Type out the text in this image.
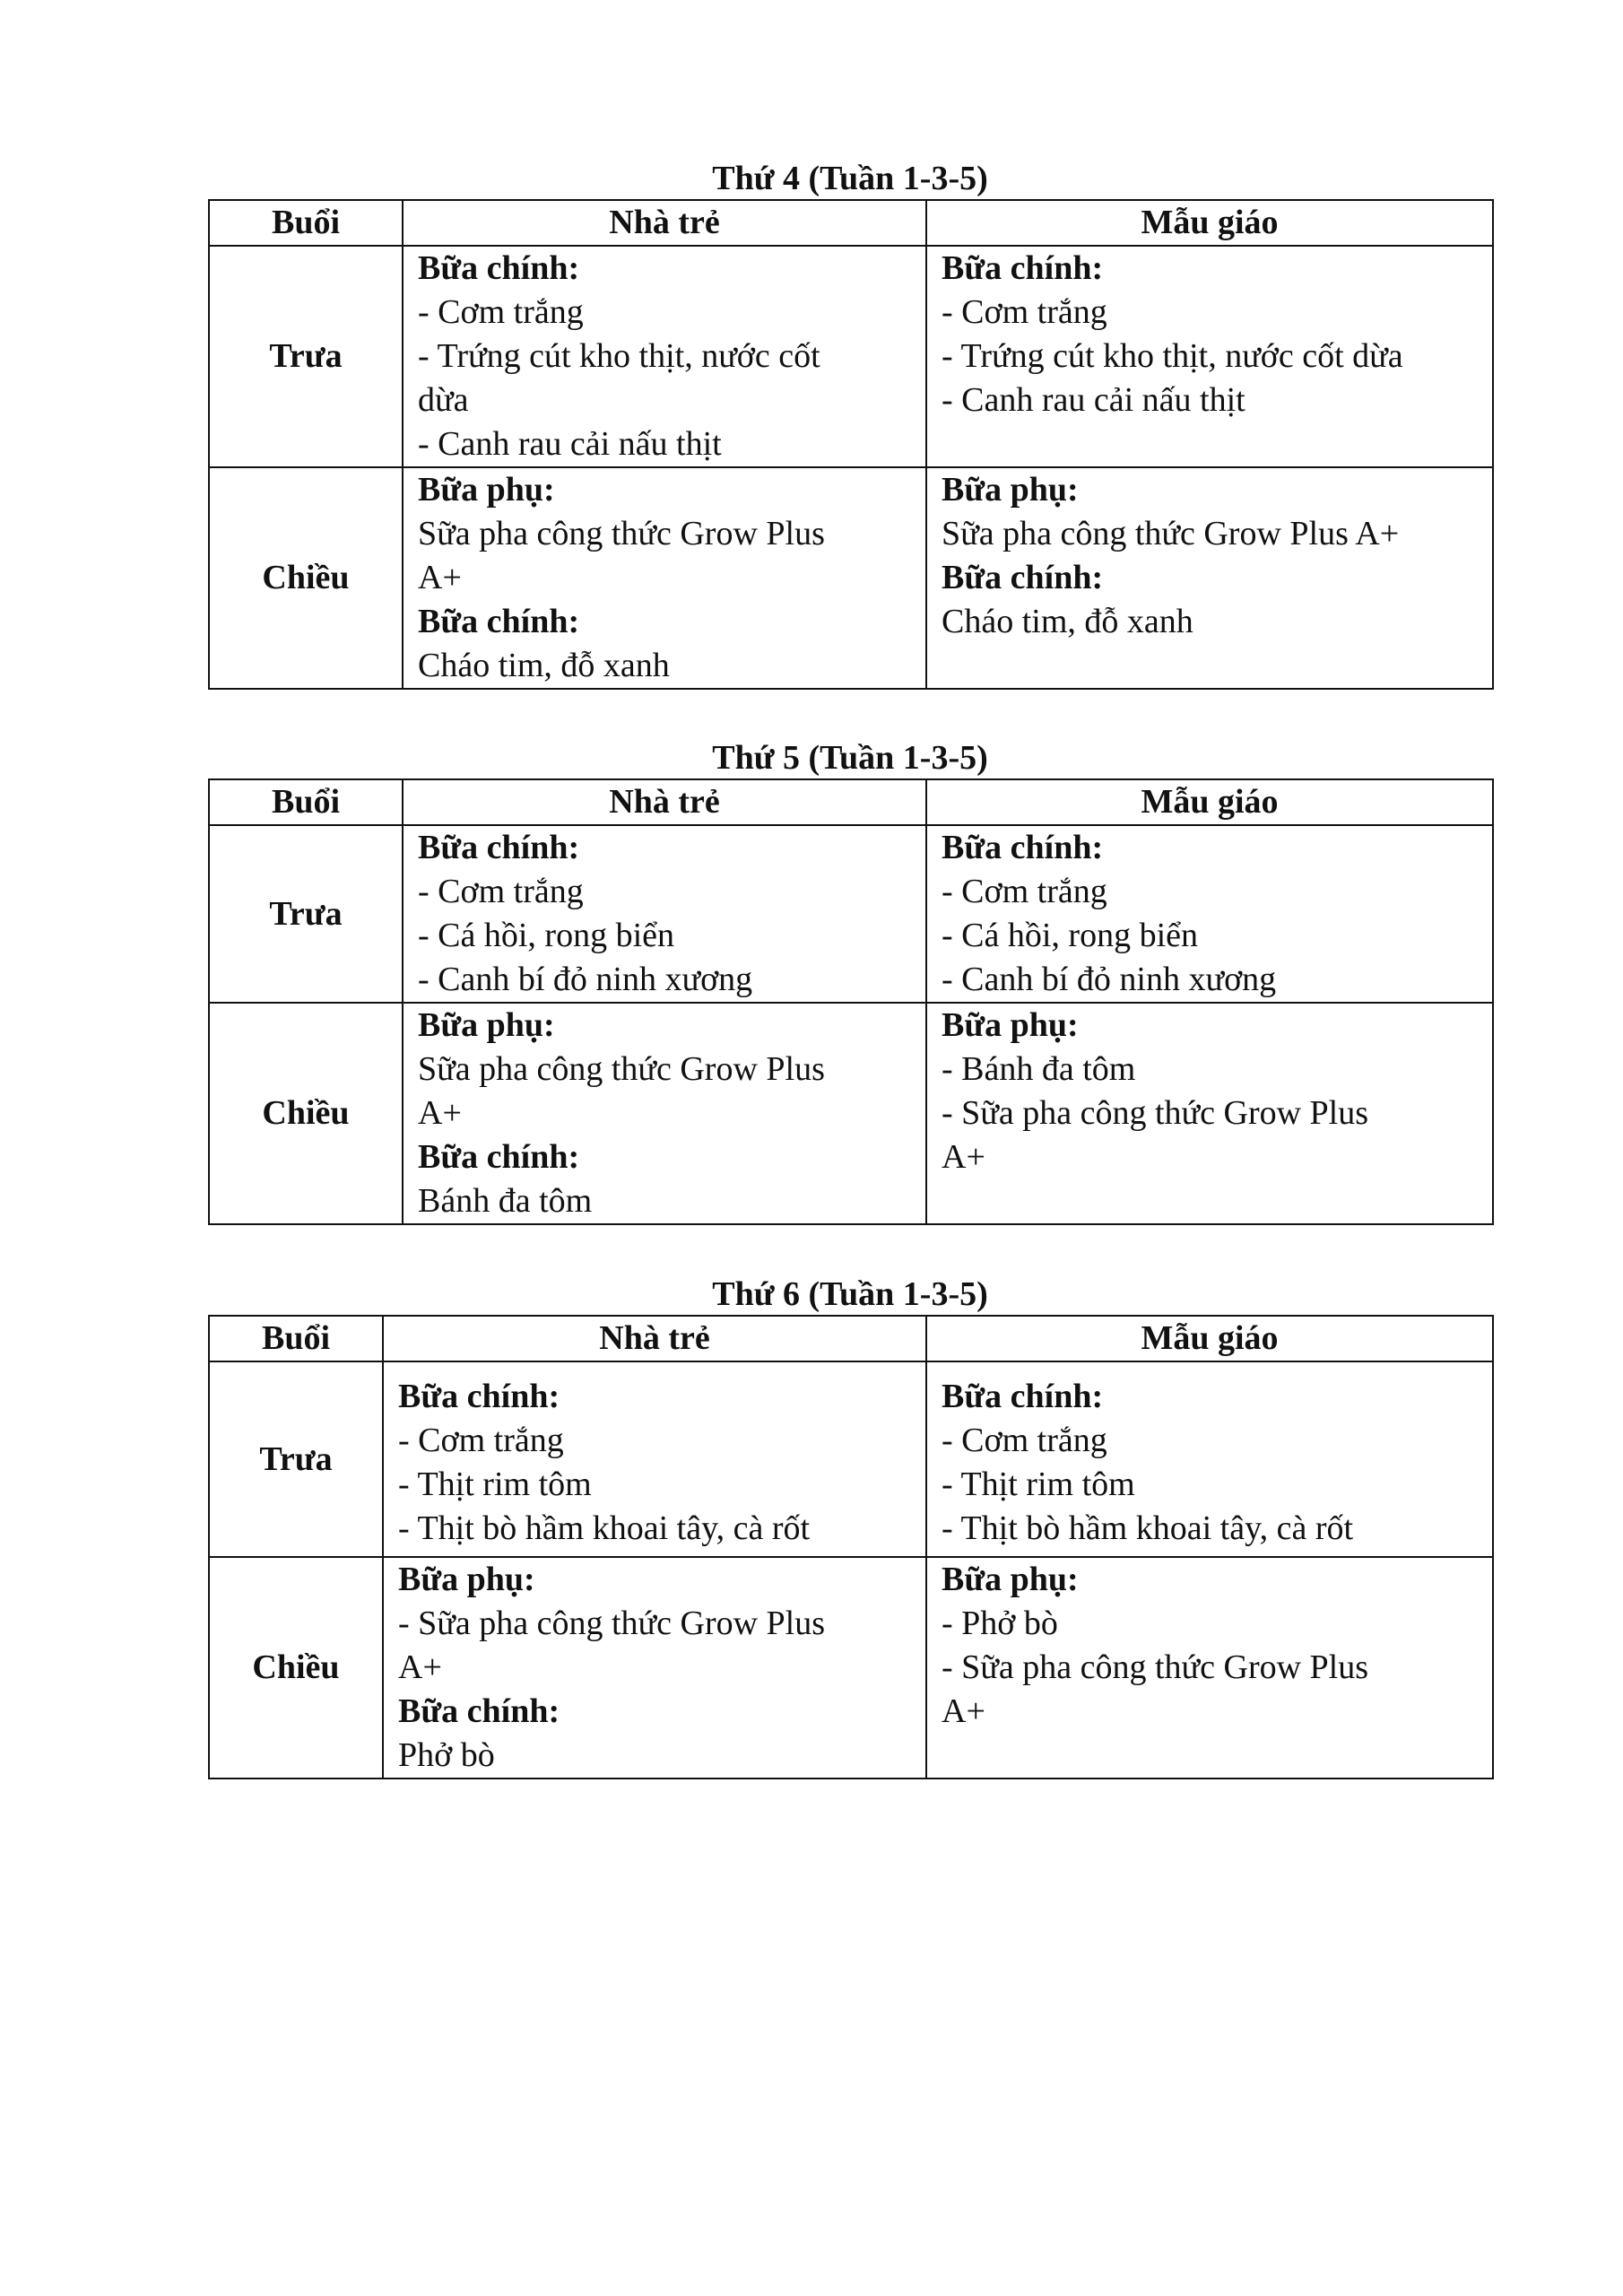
Thứ 4 (Tuần 1-3-5)
Buổi	Nhà trẻ	Mẫu giáo
Trưa	Bữa chính:
- Cơm trắng
- Trứng cút kho thịt, nước cốt
dừa
- Canh rau cải nấu thịt	Bữa chính:
- Cơm trắng
- Trứng cút kho thịt, nước cốt dừa
- Canh rau cải nấu thịt

Chiều	Bữa phụ:
Sữa pha công thức Grow Plus
A+
Bữa chính:
Cháo tim, đỗ xanh	Bữa phụ:
Sữa pha công thức Grow Plus A+
Bữa chính:
Cháo tim, đỗ xanh
Thứ 5 (Tuần 1-3-5)
Buổi	Nhà trẻ	Mẫu giáo
Trưa	Bữa chính:
- Cơm trắng
- Cá hồi, rong biển
- Canh bí đỏ ninh xương	Bữa chính:
- Cơm trắng
- Cá hồi, rong biển
- Canh bí đỏ ninh xương

Chiều	Bữa phụ:
Sữa pha công thức Grow Plus
A+
Bữa chính:
Bánh đa tôm	Bữa phụ:
- Bánh đa tôm
- Sữa pha công thức Grow Plus
A+
Thứ 6 (Tuần 1-3-5)
Buổi	Nhà trẻ	Mẫu giáo
Trưa	Bữa chính:
- Cơm trắng
- Thịt rim tôm
- Thịt bò hầm khoai tây, cà rốt	Bữa chính:
- Cơm trắng
- Thịt rim tôm
- Thịt bò hầm khoai tây, cà rốt

Chiều	Bữa phụ:
- Sữa pha công thức Grow Plus
A+
Bữa chính:
Phở bò	Bữa phụ:
- Phở bò
- Sữa pha công thức Grow Plus
A+
